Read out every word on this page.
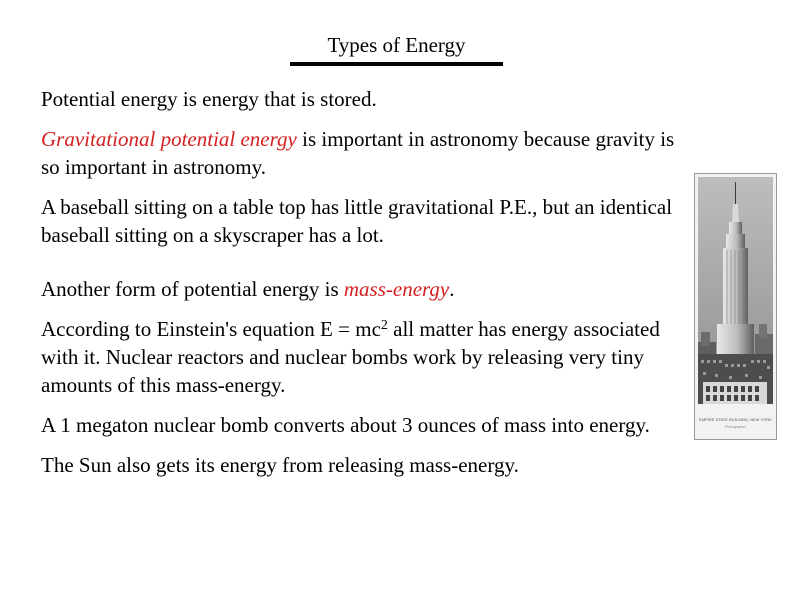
Types of Energy

Potential energy is energy that is stored.

Gravitational potential energy is important in astronomy because gravity is so important in astronomy.

A baseball sitting on a table top has little gravitational P.E., but an identical baseball sitting on a skyscraper has a lot.

Another form of potential energy is mass-energy.

According to Einstein's equation $E = mc^2$ all matter has energy associated with it. Nuclear reactors and nuclear bombs work by releasing very tiny amounts of this mass-energy.

A 1 megaton nuclear bomb converts about 3 ounces of mass into energy.

The Sun also gets its energy from releasing mass-energy.

EMPIRE STATE BUILDING, NEW YORK
Photographer
